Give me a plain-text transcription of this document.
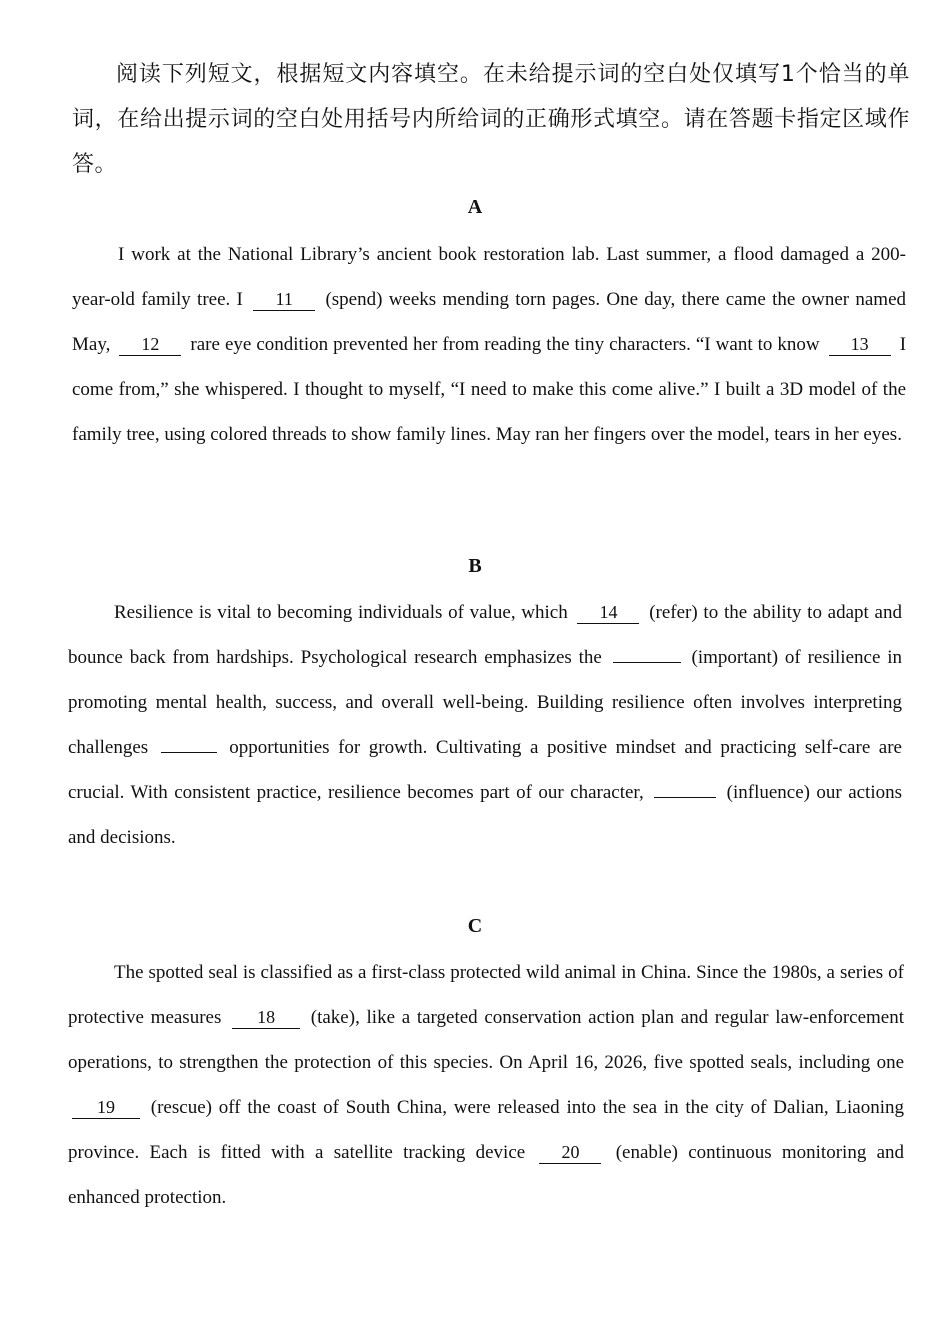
阅读下列短文，根据短文内容填空。在未给提示词的空白处仅填写1个恰当的单词，在给出提示词的空白处用括号内所给词的正确形式填空。请在答题卡指定区域作答。
A
I work at the National Library’s ancient book restoration lab. Last summer, a flood damaged a 200-year-old family tree. I 11 (spend) weeks mending torn pages. One day, there came the owner named May, 12 rare eye condition prevented her from reading the tiny characters. “I want to know 13 I come from,” she whispered. I thought to myself, “I need to make this come alive.” I built a 3D model of the family tree, using colored threads to show family lines. May ran her fingers over the model, tears in her eyes.
B
Resilience is vital to becoming individuals of value, which 14 (refer) to the ability to adapt and bounce back from hardships. Psychological research emphasizes the	(important) of resilience in promoting mental health, success, and overall well-being. Building resilience often involves interpreting challenges	opportunities for growth. Cultivating a positive mindset and practicing self-care are crucial. With consistent practice, resilience becomes part of our character,	(influence) our actions and decisions.
C
The spotted seal is classified as a first-class protected wild animal in China. Since the 1980s, a series of protective measures 18 (take), like a targeted conservation action plan and regular law-enforcement operations, to strengthen the protection of this species. On April 16, 2026, five spotted seals, including one 19 (rescue) off the coast of South China, were released into the sea in the city of Dalian, Liaoning province. Each is fitted with a satellite tracking device 20 (enable) continuous monitoring and enhanced protection.
